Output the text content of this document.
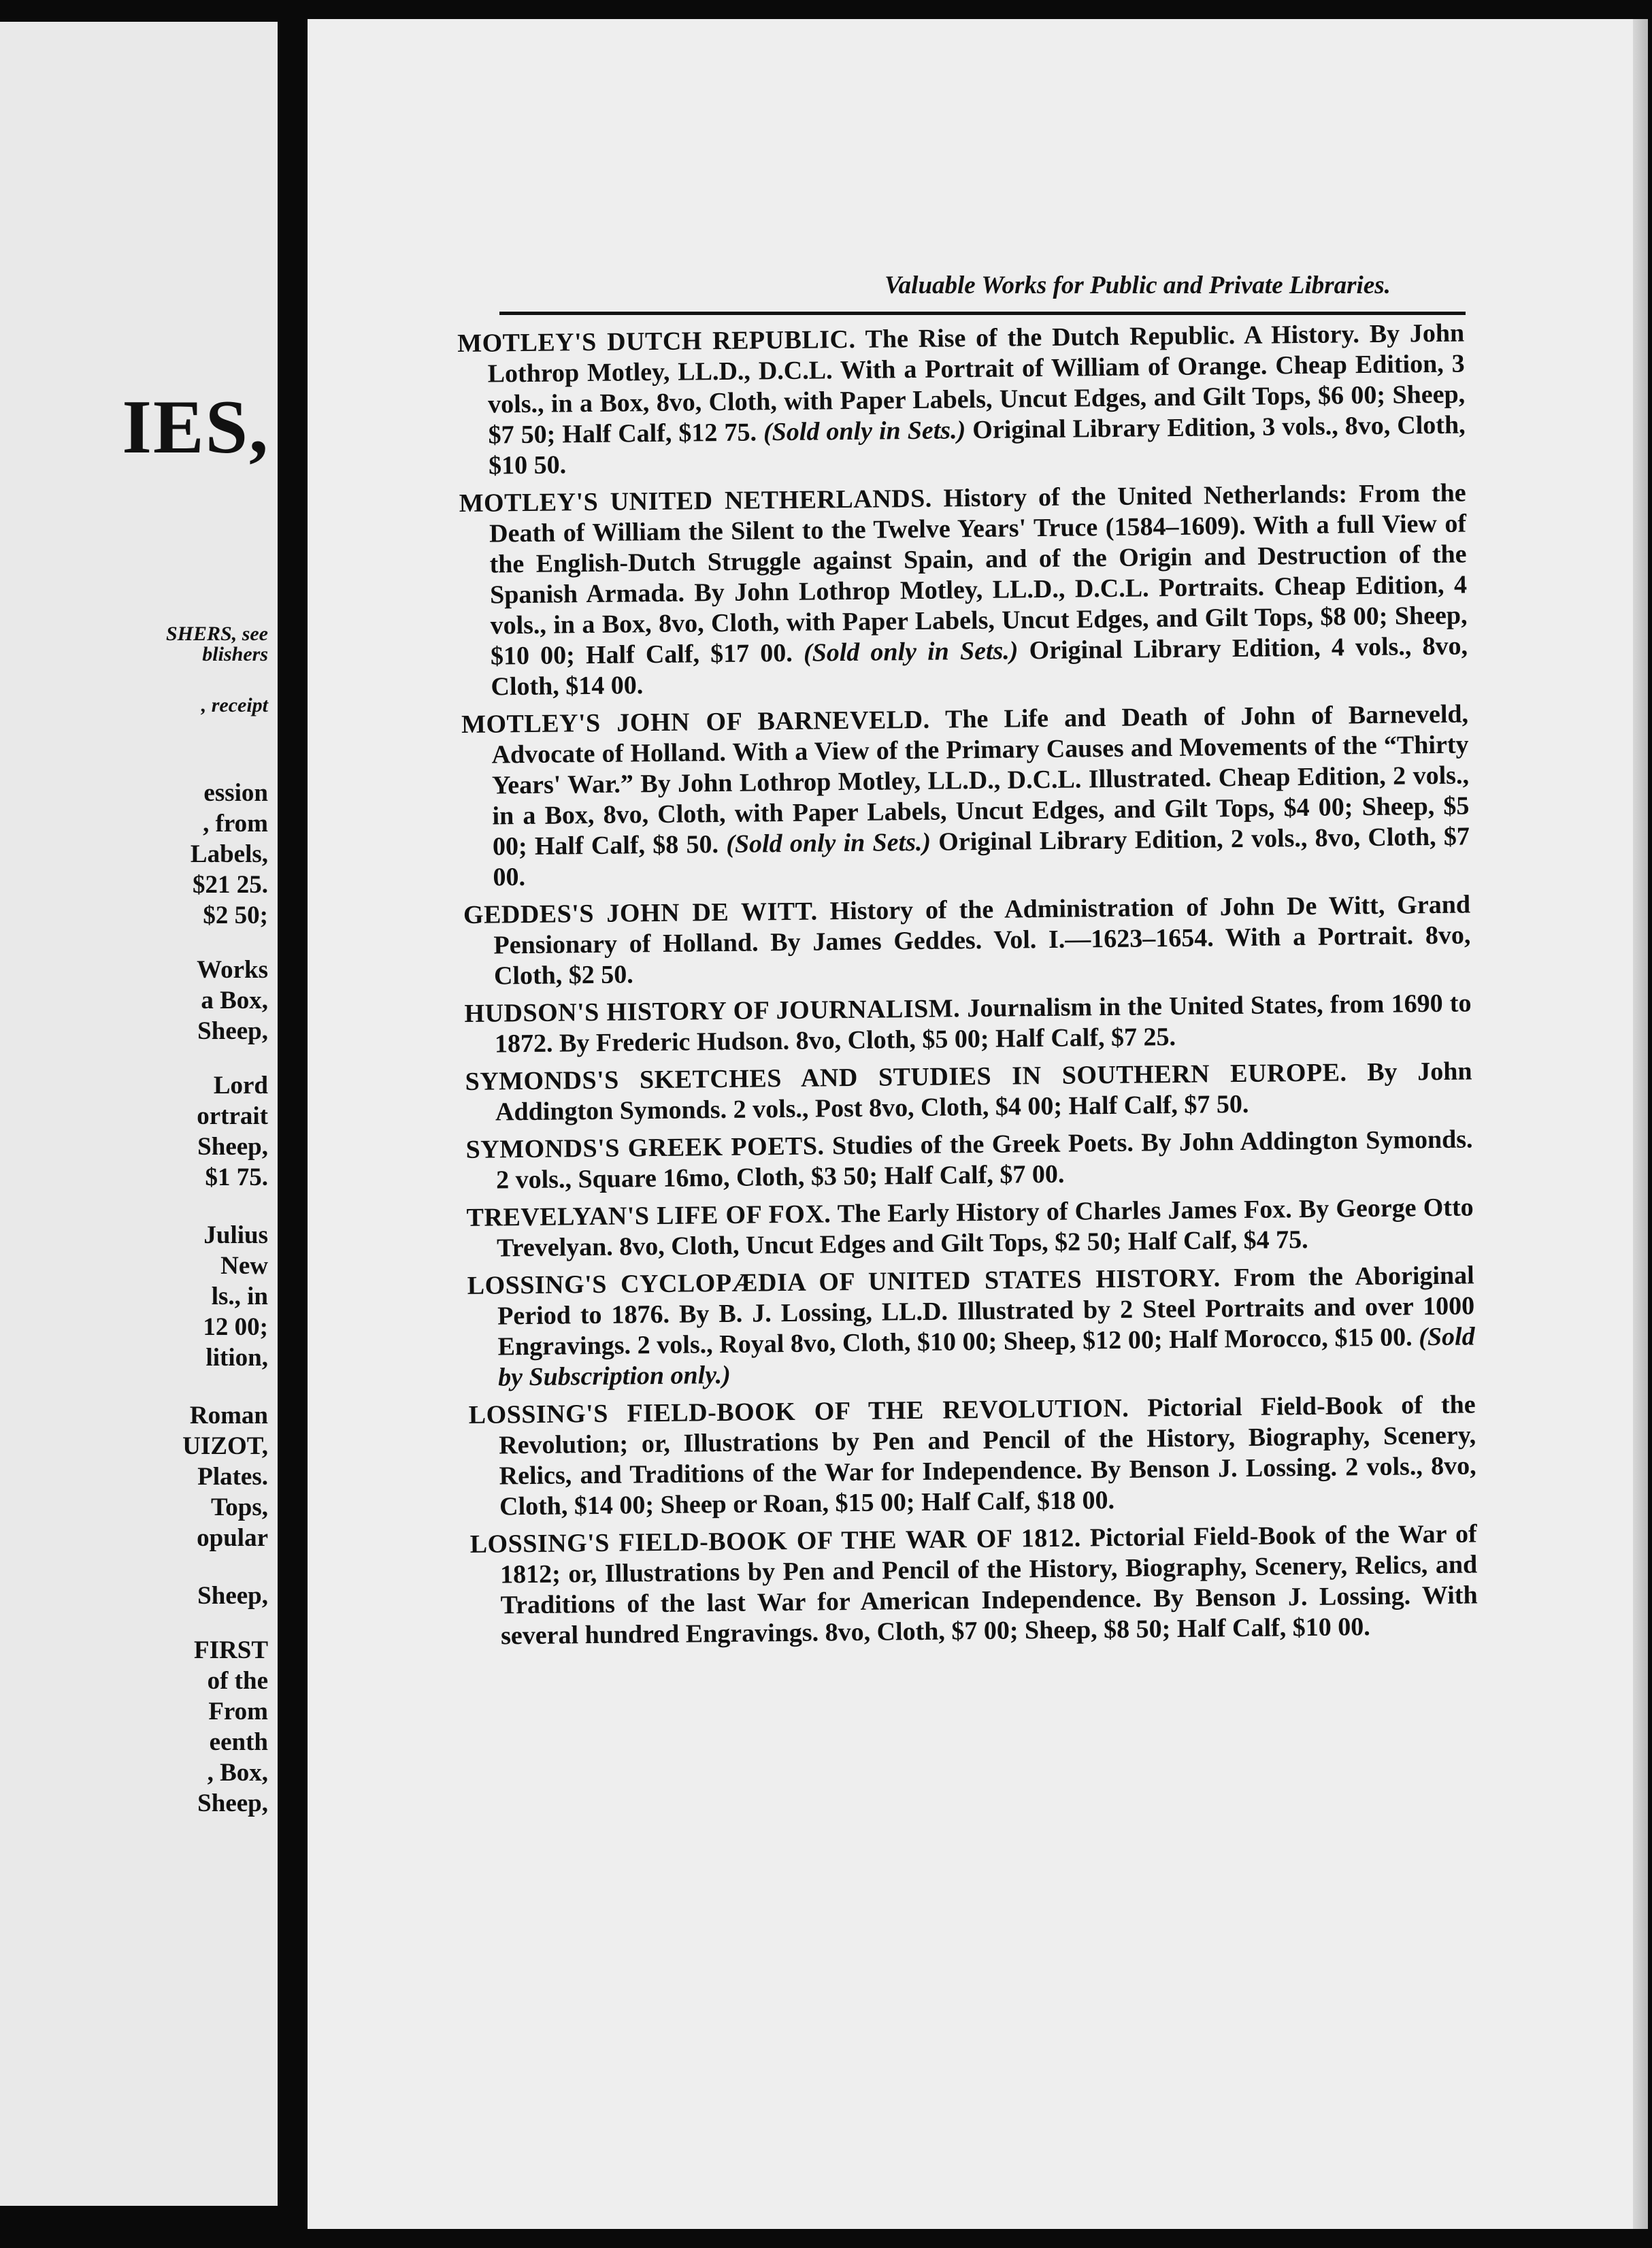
IES,
SHERS, see
blishers
, receipt
ession
, from
Labels,
$21 25.
$2 50;
Works
a Box,
Sheep,
Lord
ortrait
Sheep,
$1 75.
Julius
New
ls., in
12 00;
lition,
Roman
UIZOT,
Plates.
Tops,
opular
Sheep,
FIRST
of the
From
eenth
, Box,
Sheep,
Valuable Works for Public and Private Libraries.
MOTLEY'S DUTCH REPUBLIC. The Rise of the Dutch Republic. A History. By John Lothrop Motley, LL.D., D.C.L. With a Portrait of William of Orange. Cheap Edition, 3 vols., in a Box, 8vo, Cloth, with Paper Labels, Uncut Edges, and Gilt Tops, $6 00; Sheep, $7 50; Half Calf, $12 75. (Sold only in Sets.) Original Library Edition, 3 vols., 8vo, Cloth, $10 50.
MOTLEY'S UNITED NETHERLANDS. History of the United Netherlands: From the Death of William the Silent to the Twelve Years' Truce (1584–1609). With a full View of the English-Dutch Struggle against Spain, and of the Origin and Destruction of the Spanish Armada. By John Lothrop Motley, LL.D., D.C.L. Portraits. Cheap Edition, 4 vols., in a Box, 8vo, Cloth, with Paper Labels, Uncut Edges, and Gilt Tops, $8 00; Sheep, $10 00; Half Calf, $17 00. (Sold only in Sets.) Original Library Edition, 4 vols., 8vo, Cloth, $14 00.
MOTLEY'S JOHN OF BARNEVELD. The Life and Death of John of Barneveld, Advocate of Holland. With a View of the Primary Causes and Movements of the “Thirty Years' War.” By John Lothrop Motley, LL.D., D.C.L. Illustrated. Cheap Edition, 2 vols., in a Box, 8vo, Cloth, with Paper Labels, Uncut Edges, and Gilt Tops, $4 00; Sheep, $5 00; Half Calf, $8 50. (Sold only in Sets.) Original Library Edition, 2 vols., 8vo, Cloth, $7 00.
GEDDES'S JOHN DE WITT. History of the Administration of John De Witt, Grand Pensionary of Holland. By James Geddes. Vol. I.—1623–1654. With a Portrait. 8vo, Cloth, $2 50.
HUDSON'S HISTORY OF JOURNALISM. Journalism in the United States, from 1690 to 1872. By Frederic Hudson. 8vo, Cloth, $5 00; Half Calf, $7 25.
SYMONDS'S SKETCHES AND STUDIES IN SOUTHERN EUROPE. By John Addington Symonds. 2 vols., Post 8vo, Cloth, $4 00; Half Calf, $7 50.
SYMONDS'S GREEK POETS. Studies of the Greek Poets. By John Addington Symonds. 2 vols., Square 16mo, Cloth, $3 50; Half Calf, $7 00.
TREVELYAN'S LIFE OF FOX. The Early History of Charles James Fox. By George Otto Trevelyan. 8vo, Cloth, Uncut Edges and Gilt Tops, $2 50; Half Calf, $4 75.
LOSSING'S CYCLOPÆDIA OF UNITED STATES HISTORY. From the Aboriginal Period to 1876. By B. J. Lossing, LL.D. Illustrated by 2 Steel Portraits and over 1000 Engravings. 2 vols., Royal 8vo, Cloth, $10 00; Sheep, $12 00; Half Morocco, $15 00. (Sold by Subscription only.)
LOSSING'S FIELD-BOOK OF THE REVOLUTION. Pictorial Field-Book of the Revolution; or, Illustrations by Pen and Pencil of the History, Biography, Scenery, Relics, and Traditions of the War for Independence. By Benson J. Lossing. 2 vols., 8vo, Cloth, $14 00; Sheep or Roan, $15 00; Half Calf, $18 00.
LOSSING'S FIELD-BOOK OF THE WAR OF 1812. Pictorial Field-Book of the War of 1812; or, Illustrations by Pen and Pencil of the History, Biography, Scenery, Relics, and Traditions of the last War for American Independence. By Benson J. Lossing. With several hundred Engravings. 8vo, Cloth, $7 00; Sheep, $8 50; Half Calf, $10 00.
